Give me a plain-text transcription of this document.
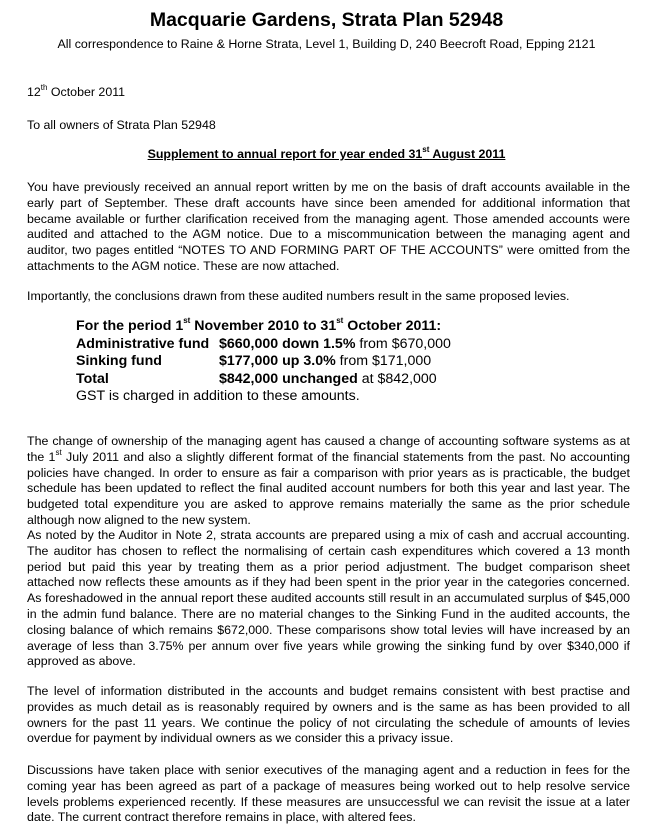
Macquarie Gardens, Strata Plan 52948
All correspondence to Raine & Horne Strata, Level 1, Building D, 240 Beecroft Road, Epping 2121
12th October 2011
To all owners of Strata Plan 52948
Supplement to annual report for year ended 31st August 2011

You have previously received an annual report written by me on the basis of draft accounts available in the early part of September. These draft accounts have since been amended for additional information that became available or further clarification received from the managing agent. Those amended accounts were audited and attached to the AGM notice. Due to a miscommunication between the managing agent and auditor, two pages entitled “NOTES TO AND FORMING PART OF THE ACCOUNTS” were omitted from the attachments to the AGM notice. These are now attached.

Importantly, the conclusions drawn from these audited numbers result in the same proposed levies.

For the period 1st November 2010 to 31st October 2011:
Administrative fund $660,000 down 1.5% from $670,000
Sinking fund	$177,000 up 3.0% from $171,000
Total	$842,000 unchanged at $842,000
GST is charged in addition to these amounts.

The change of ownership of the managing agent has caused a change of accounting software systems as at the 1st July 2011 and also a slightly different format of the financial statements from the past. No accounting policies have changed. In order to ensure as fair a comparison with prior years as is practicable, the budget schedule has been updated to reflect the final audited account numbers for both this year and last year. The budgeted total expenditure you are asked to approve remains materially the same as the prior schedule although now aligned to the new system.

As noted by the Auditor in Note 2, strata accounts are prepared using a mix of cash and accrual accounting. The auditor has chosen to reflect the normalising of certain cash expenditures which covered a 13 month period but paid this year by treating them as a prior period adjustment. The budget comparison sheet attached now reflects these amounts as if they had been spent in the prior year in the categories concerned. As foreshadowed in the annual report these audited accounts still result in an accumulated surplus of $45,000 in the admin fund balance. There are no material changes to the Sinking Fund in the audited accounts, the closing balance of which remains $672,000. These comparisons show total levies will have increased by an average of less than 3.75% per annum over five years while growing the sinking fund by over $340,000 if approved as above.

The level of information distributed in the accounts and budget remains consistent with best practise and provides as much detail as is reasonably required by owners and is the same as has been provided to all owners for the past 11 years. We continue the policy of not circulating the schedule of amounts of levies overdue for payment by individual owners as we consider this a privacy issue.

Discussions have taken place with senior executives of the managing agent and a reduction in fees for the coming year has been agreed as part of a package of measures being worked out to help resolve service levels problems experienced recently. If these measures are unsuccessful we can revisit the issue at a later date. The current contract therefore remains in place, with altered fees.
